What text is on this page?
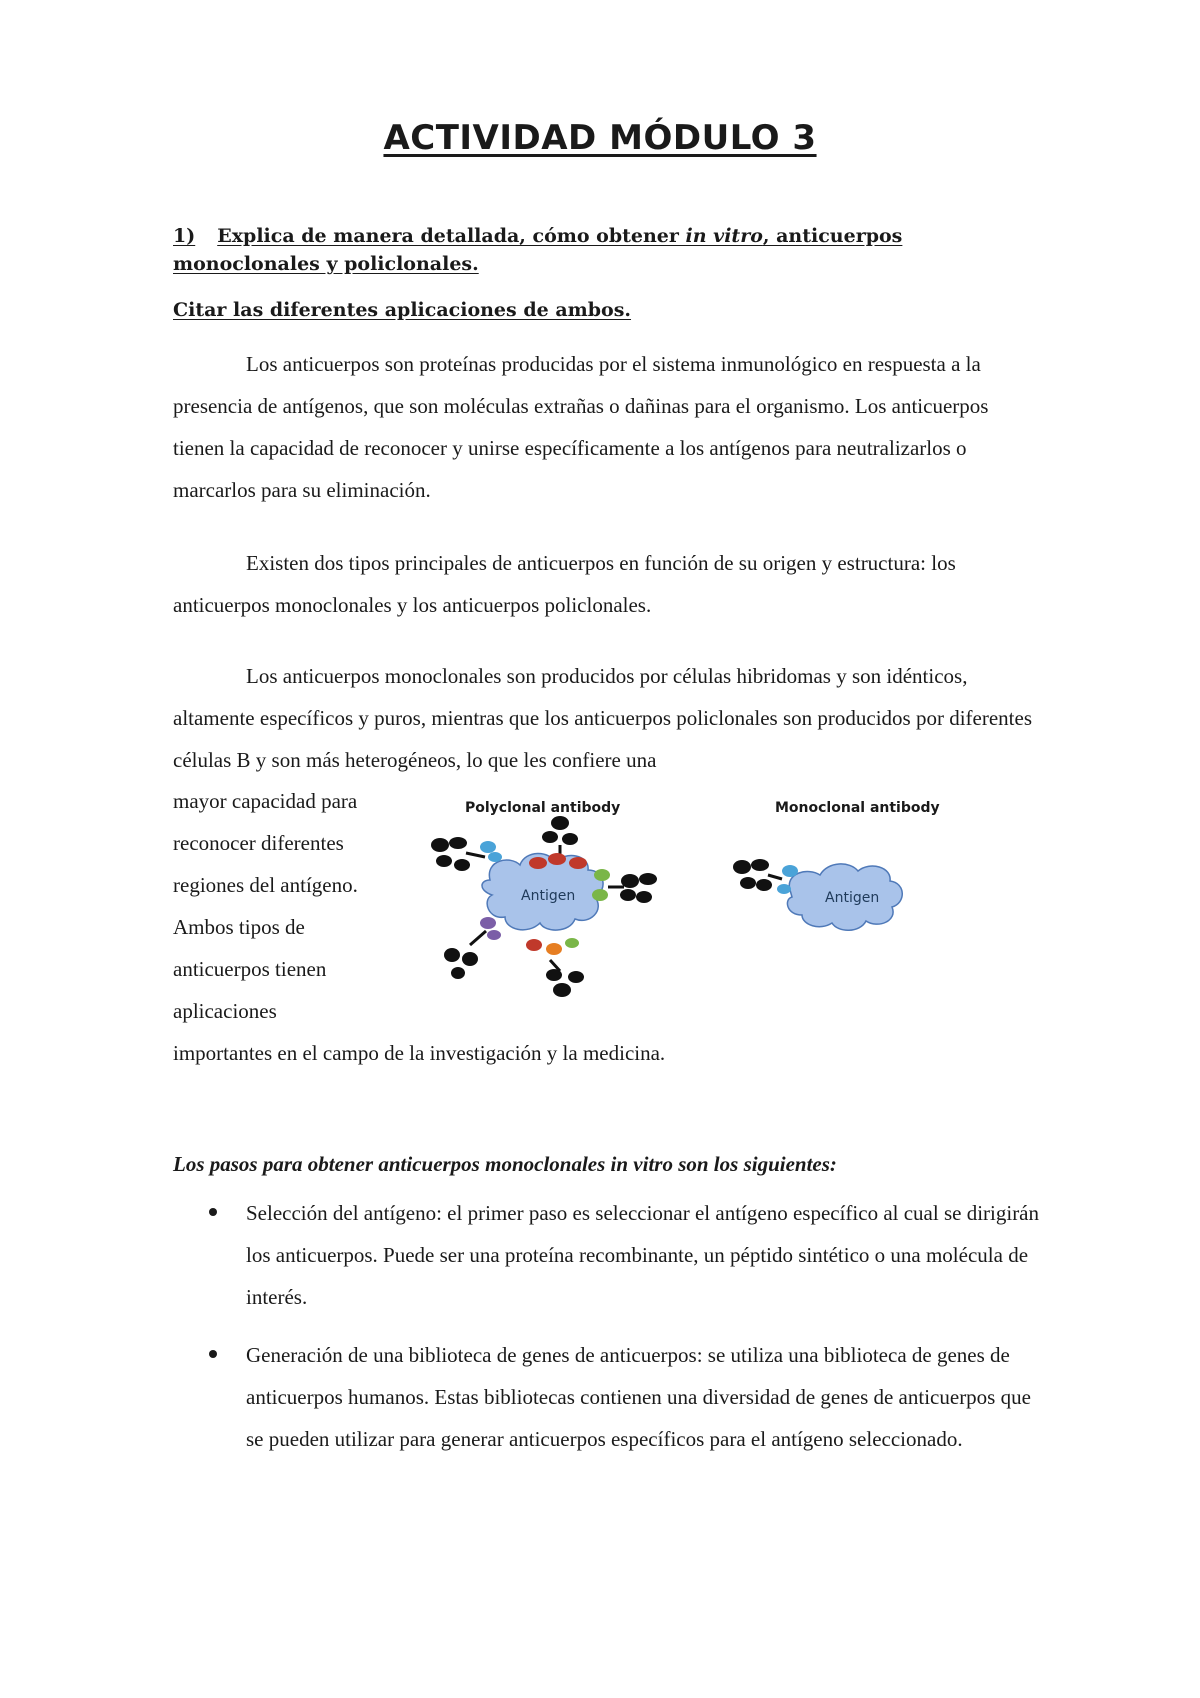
ACTIVIDAD MÓDULO 3
1) Explica de manera detallada, cómo obtener in vitro, anticuerpos monoclonales y policlonales.
Citar las diferentes aplicaciones de ambos.

Los anticuerpos son proteínas producidas por el sistema inmunológico en respuesta a la presencia de antígenos, que son moléculas extrañas o dañinas para el organismo. Los anticuerpos tienen la capacidad de reconocer y unirse específicamente a los antígenos para neutralizarlos o marcarlos para su eliminación.

Existen dos tipos principales de anticuerpos en función de su origen y estructura: los anticuerpos monoclonales y los anticuerpos policlonales.

Los anticuerpos monoclonales son producidos por células hibridomas y son idénticos, altamente específicos y puros, mientras que los anticuerpos policlonales son producidos por diferentes células B y son más heterogéneos, lo que les confiere una

mayor capacidad para
reconocer diferentes
regiones del antígeno.
Ambos tipos de
anticuerpos tienen
aplicaciones
importantes en el campo de la investigación y la medicina.
Polyclonal antibody	Monoclonal antibody
Antigen	Antigen
Los pasos para obtener anticuerpos monoclonales in vitro son los siguientes:
Selección del antígeno: el primer paso es seleccionar el antígeno específico al cual se dirigirán los anticuerpos. Puede ser una proteína recombinante, un péptido sintético o una molécula de interés.
Generación de una biblioteca de genes de anticuerpos: se utiliza una biblioteca de genes de anticuerpos humanos. Estas bibliotecas contienen una diversidad de genes de anticuerpos que se pueden utilizar para generar anticuerpos específicos para el antígeno seleccionado.
